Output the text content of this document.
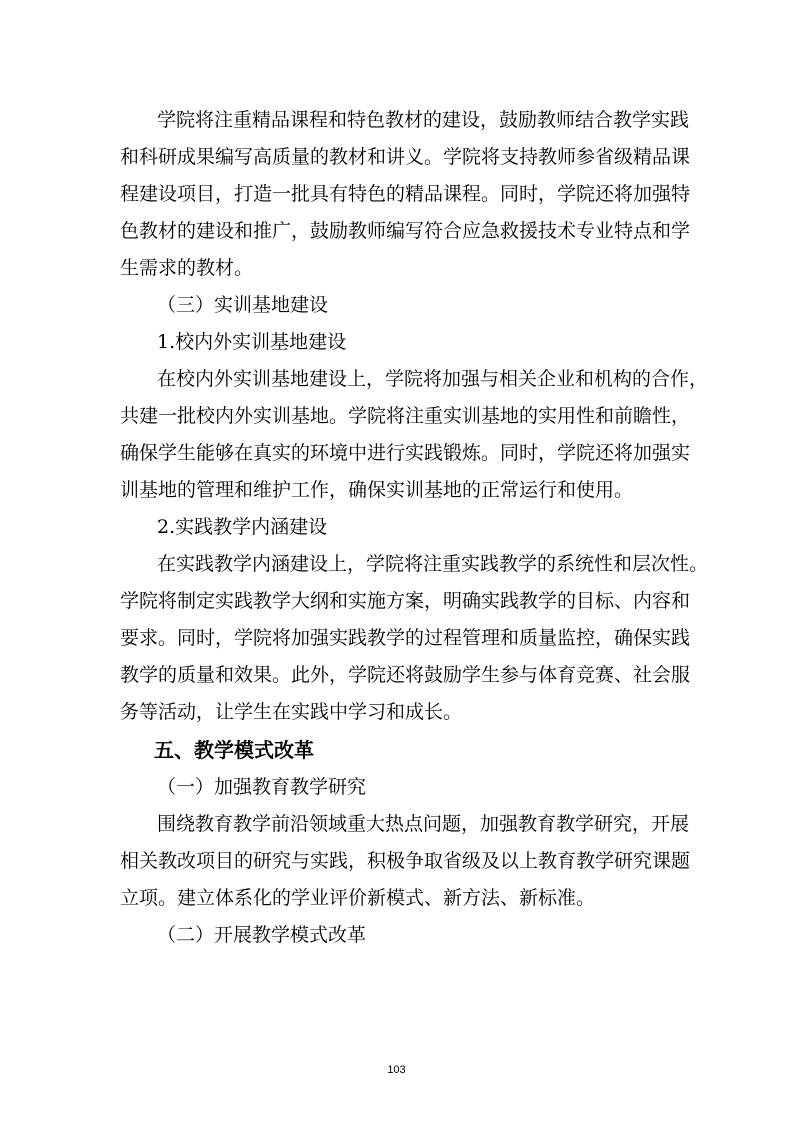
学院将注重精品课程和特色教材的建设，鼓励教师结合教学实践
和科研成果编写高质量的教材和讲义。学院将支持教师参省级精品课
程建设项目，打造一批具有特色的精品课程。同时，学院还将加强特
色教材的建设和推广，鼓励教师编写符合应急救援技术专业特点和学
生需求的教材。
（三）实训基地建设
1.校内外实训基地建设
在校内外实训基地建设上，学院将加强与相关企业和机构的合作，
共建一批校内外实训基地。学院将注重实训基地的实用性和前瞻性，
确保学生能够在真实的环境中进行实践锻炼。同时，学院还将加强实
训基地的管理和维护工作，确保实训基地的正常运行和使用。
2.实践教学内涵建设
在实践教学内涵建设上，学院将注重实践教学的系统性和层次性。
学院将制定实践教学大纲和实施方案，明确实践教学的目标、内容和
要求。同时，学院将加强实践教学的过程管理和质量监控，确保实践
教学的质量和效果。此外，学院还将鼓励学生参与体育竞赛、社会服
务等活动，让学生在实践中学习和成长。
五、教学模式改革
（一）加强教育教学研究
围绕教育教学前沿领域重大热点问题，加强教育教学研究，开展
相关教改项目的研究与实践，积极争取省级及以上教育教学研究课题
立项。建立体系化的学业评价新模式、新方法、新标准。
（二）开展教学模式改革
103
